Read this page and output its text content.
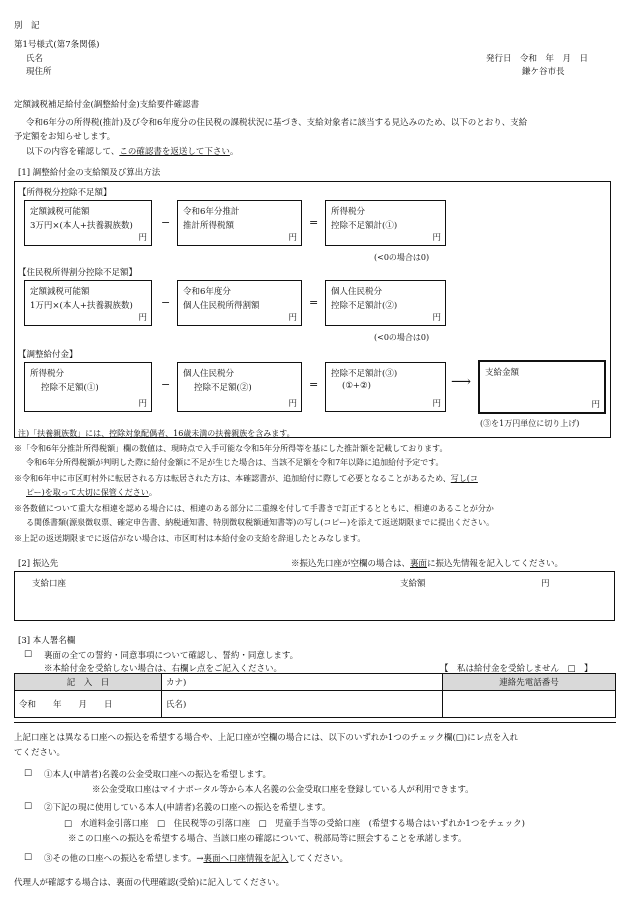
別　記
第1号様式(第7条関係)
氏名
現住所
発行日　令和　年　月　日
鎌ケ谷市長
定額減税補足給付金(調整給付金)支給要件確認書
令和6年分の所得税(推計)及び令和6年度分の住民税の課税状況に基づき、支給対象者に該当する見込みのため、以下のとおり、支給
予定額をお知らせします。
以下の内容を確認して、この確認書を返送して下さい。
[1] 調整給付金の支給額及び算出方法
【所得税分控除不足額】
定額減税可能額
3万円×(本人+扶養親族数)
円
−
令和6年分推計
推計所得税額
円
=
所得税分
控除不足額計(①)
円
(<0の場合は0)
【住民税所得割分控除不足額】
定額減税可能額
1万円×(本人+扶養親族数)
円
−
令和6年度分
個人住民税所得割額
円
=
個人住民税分
控除不足額計(②)
円
(<0の場合は0)
【調整給付金】
所得税分
控除不足額(①)
円
−
個人住民税分
控除不足額(②)
円
=
控除不足額計(③)
(①+②)
円
⟶
支給金額
円
(③を1万円単位に切り上げ)
注)「扶養親族数」には、控除対象配偶者、16歳未満の扶養親族を含みます。
※「令和6年分推計所得税額」欄の数値は、現時点で入手可能な令和5年分所得等を基にした推計額を記載しております。
令和6年分所得税額が判明した際に給付金額に不足が生じた場合は、当該不足額を令和7年以降に追加給付予定です。
※令和6年中に市区町村外に転居される方は転居された方は、本確認書が、追加給付に際して必要となることがあるため、写し(コ
ピー)を取って大切に保管ください。
※各数値について重大な相違を認める場合には、相違のある部分に二重線を付して手書きで訂正するとともに、相違のあることが分か
る関係書類(源泉徴収票、確定申告書、納税通知書、特別徴収税額通知書等)の写し(コピー)を添えて返送期限までに提出ください。
※上記の返送期限までに返信がない場合は、市区町村は本給付金の支給を辞退したとみなします。
[2] 振込先	※振込先口座が空欄の場合は、裏面に振込先情報を記入してください。
支給口座	支給額	円
[3] 本人署名欄
□ 裏面の全ての誓約・同意事項について確認し、誓約・同意します。
※本給付金を受給しない場合は、右欄レ点をご記入ください。	【　私は給付金を受給しません　□　】
記　入　日	カナ)	連絡先電話番号
令和　　年　　月　　日	氏名)	
上記口座とは異なる口座への振込を希望する場合や、上記口座が空欄の場合には、以下のいずれか1つのチェック欄(□)にレ点を入れ
てください。
□ ①本人(申請者)名義の公金受取口座への振込を希望します。
※公金受取口座はマイナポータル等から本人名義の公金受取口座を登録している人が利用できます。
□ ②下記の現に使用している本人(申請者)名義の口座への振込を希望します。
□　水道料金引落口座　□　住民税等の引落口座　□　児童手当等の受給口座　(希望する場合はいずれか1つをチェック)
※この口座への振込を希望する場合、当該口座の確認について、税部局等に照会することを承諾します。
□ ③その他の口座への振込を希望します。→裏面へ口座情報を記入してください。
代理人が確認する場合は、裏面の代理確認(受給)に記入してください。
